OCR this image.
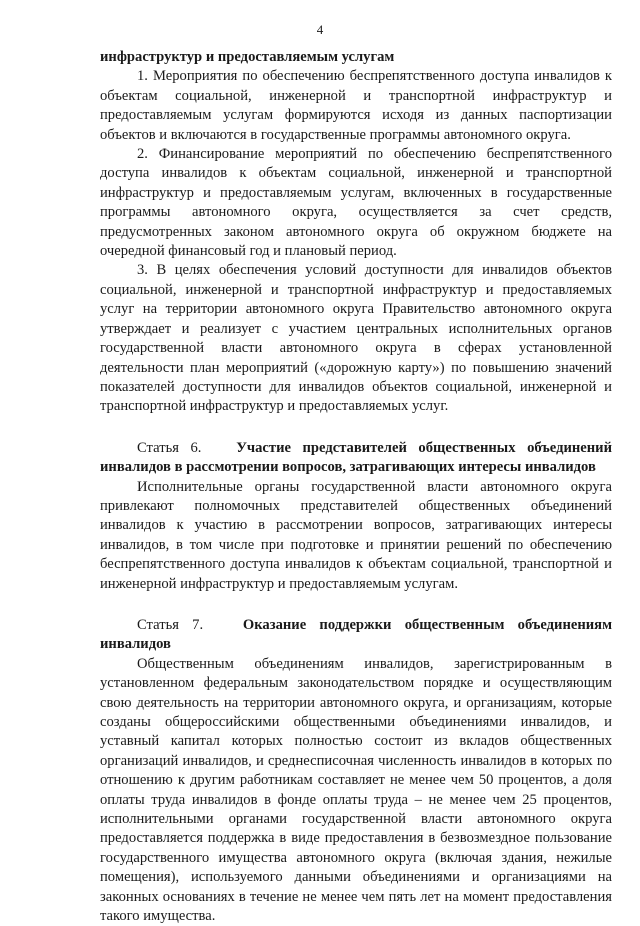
4

инфраструктур и предоставляемым услугам

1. Мероприятия по обеспечению беспрепятственного доступа инвалидов к объектам социальной, инженерной и транспортной инфраструктур и предоставляемым услугам формируются исходя из данных паспортизации объектов и включаются в государственные программы автономного округа.

2. Финансирование мероприятий по обеспечению беспрепятственного доступа инвалидов к объектам социальной, инженерной и транспортной инфраструктур и предоставляемым услугам, включенных в государственные программы автономного округа, осуществляется за счет средств, предусмотренных законом автономного округа об окружном бюджете на очередной финансовый год и плановый период.

3. В целях обеспечения условий доступности для инвалидов объектов социальной, инженерной и транспортной инфраструктур и предоставляемых услуг на территории автономного округа Правительство автономного округа утверждает и реализует с участием центральных исполнительных органов государственной власти автономного округа в сферах установленной деятельности план мероприятий («дорожную карту») по повышению значений показателей доступности для инвалидов объектов социальной, инженерной и транспортной инфраструктур и предоставляемых услуг.

Статья 6. Участие представителей общественных объединений инвалидов в рассмотрении вопросов, затрагивающих интересы инвалидов

Исполнительные органы государственной власти автономного округа привлекают полномочных представителей общественных объединений инвалидов к участию в рассмотрении вопросов, затрагивающих интересы инвалидов, в том числе при подготовке и принятии решений по обеспечению беспрепятственного доступа инвалидов к объектам социальной, транспортной и инженерной инфраструктур и предоставляемым услугам.

Статья 7.	Оказание поддержки общественным объединениям инвалидов

Общественным объединениям инвалидов, зарегистрированным в установленном федеральным законодательством порядке и осуществляющим свою деятельность на территории автономного округа, и организациям, которые созданы общероссийскими общественными объединениями инвалидов, и уставный капитал которых полностью состоит из вкладов общественных организаций инвалидов, и среднесписочная численность инвалидов в которых по отношению к другим работникам составляет не менее чем 50 процентов, а доля оплаты труда инвалидов в фонде оплаты труда – не менее чем 25 процентов, исполнительными органами государственной власти автономного округа предоставляется поддержка в виде предоставления в безвозмездное пользование государственного имущества автономного округа (включая здания, нежилые помещения), используемого данными объединениями и организациями на законных основаниях в течение не менее чем пять лет на момент предоставления такого имущества.
